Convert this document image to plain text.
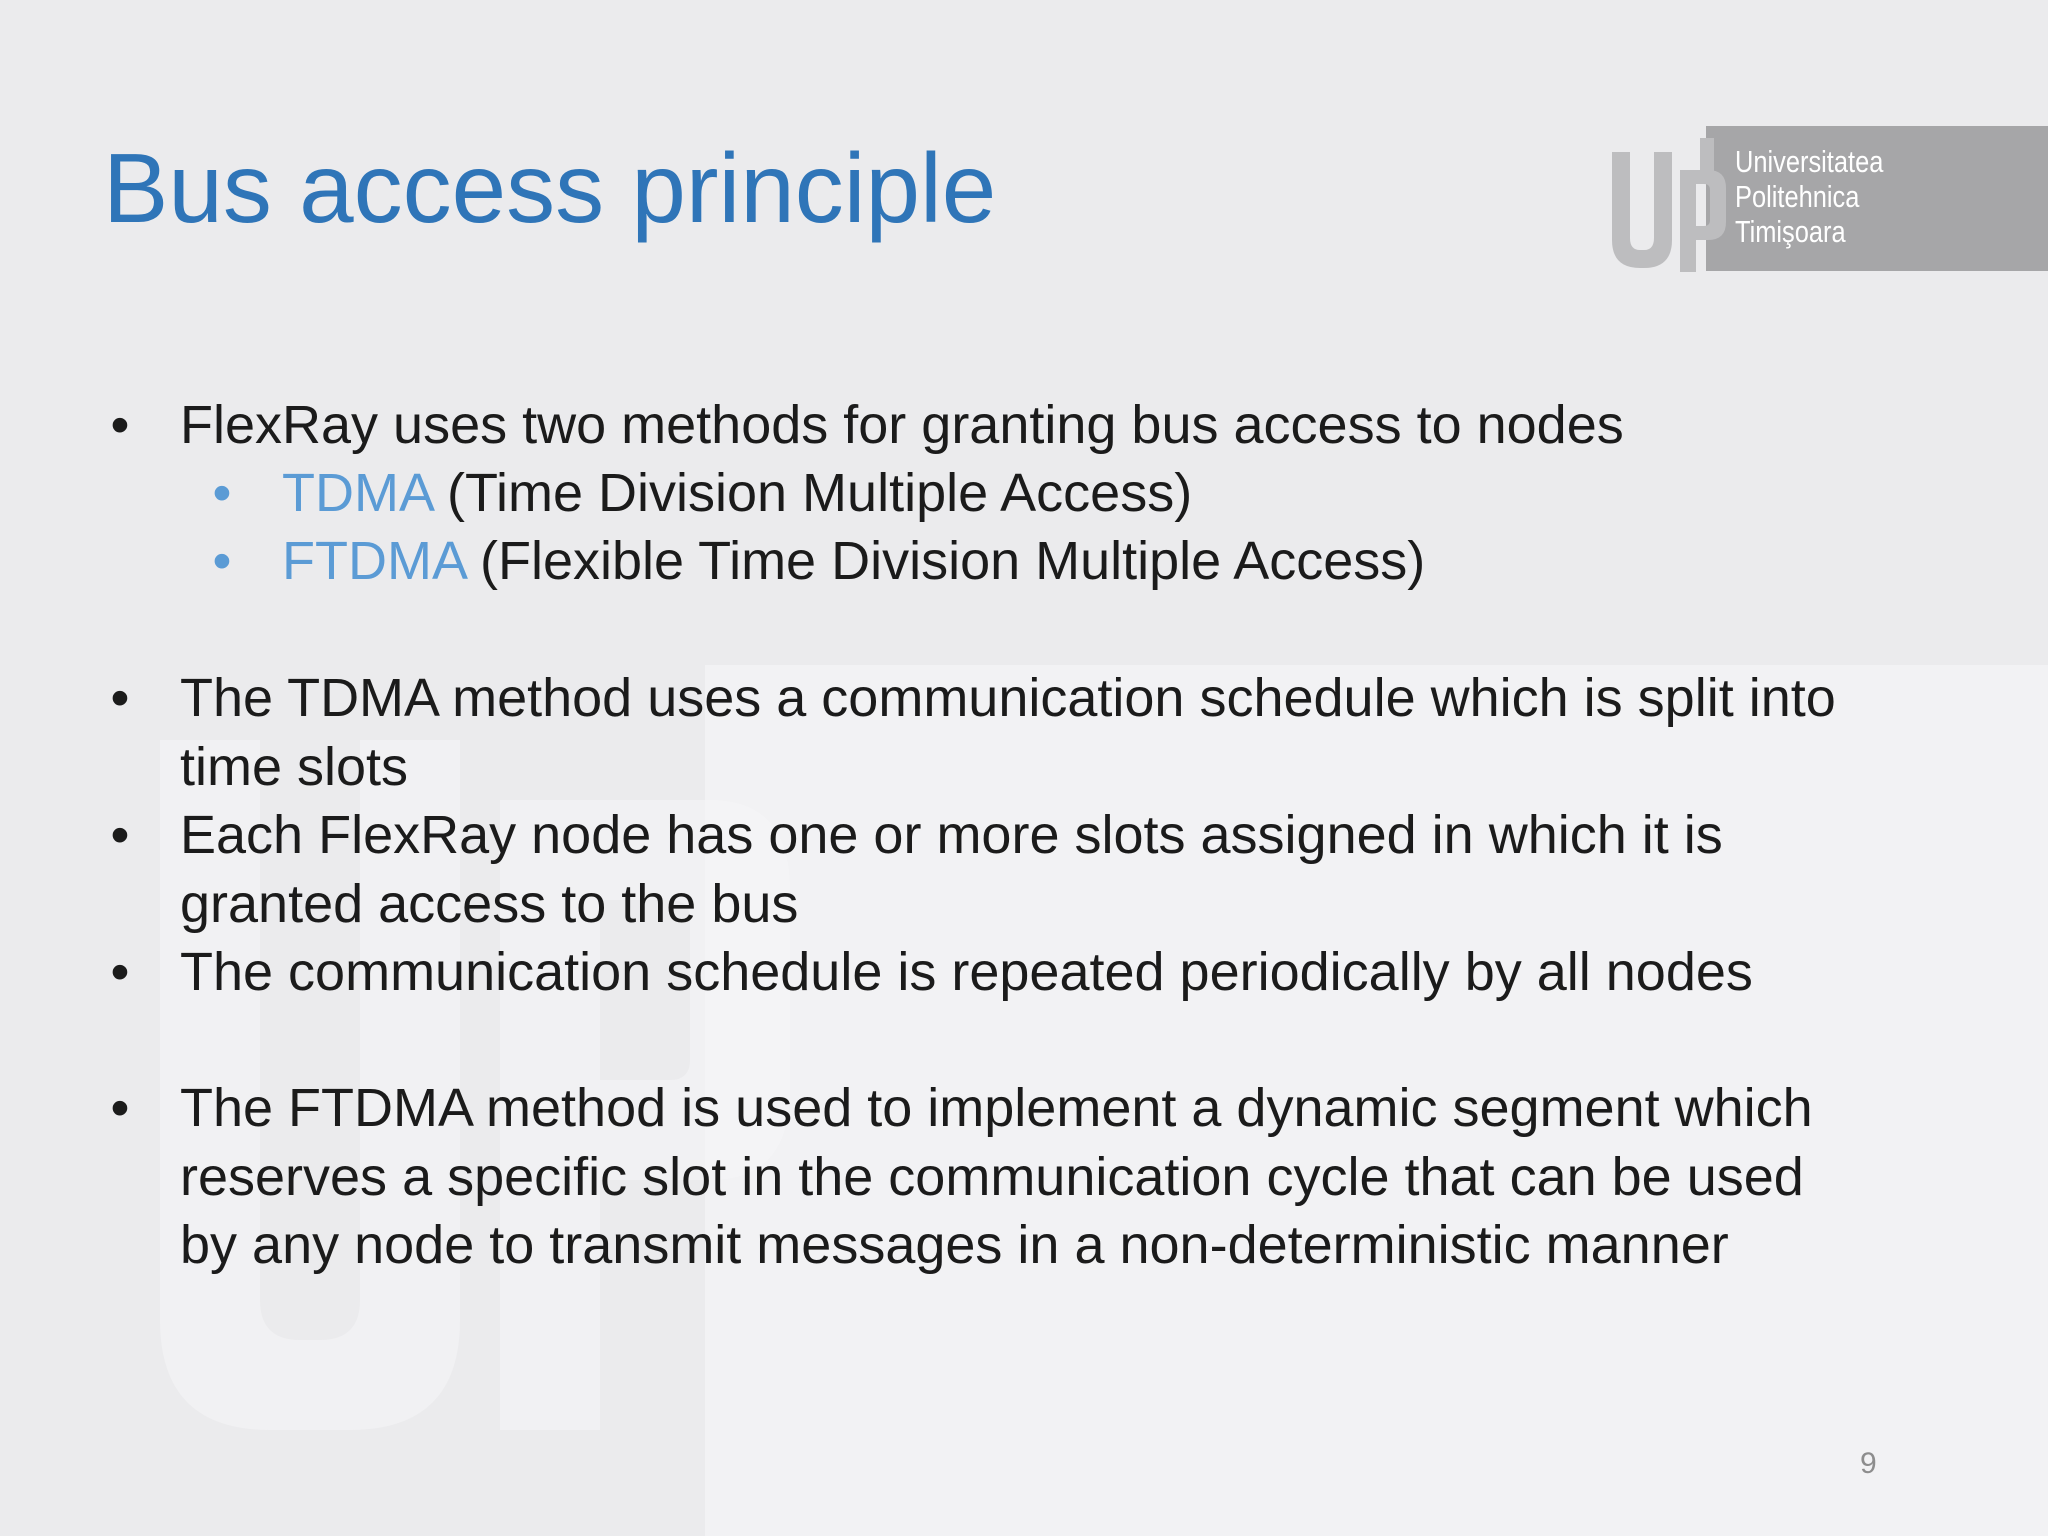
Bus access principle	Universitatea
Politehnica
Timişoara
• FlexRay uses two methods for granting bus access to nodes
• TDMA (Time Division Multiple Access)
• FTDMA (Flexible Time Division Multiple Access)
• The TDMA method uses a communication schedule which is split into
time slots
• Each FlexRay node has one or more slots assigned in which it is
granted access to the bus
• The communication schedule is repeated periodically by all nodes
• The FTDMA method is used to implement a dynamic segment which
reserves a specific slot in the communication cycle that can be used
by any node to transmit messages in a non-deterministic manner
9
